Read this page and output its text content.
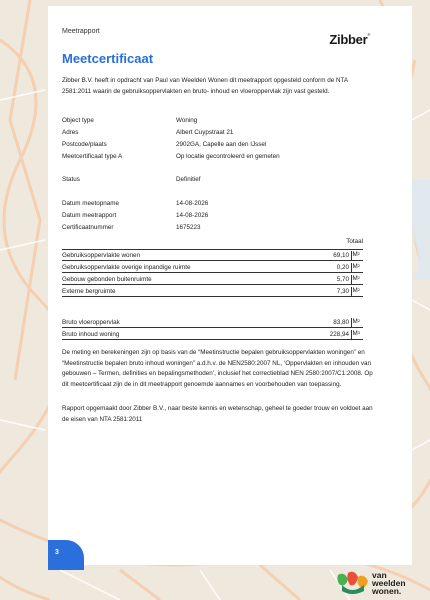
Meetrapport
Zibber®
Meetcertificaat
Zibber B.V. heeft in opdracht van Paul van Weelden Wonen dit meetrapport opgesteld conform de NTA 2581:2011 waarin de gebruiksoppervlakten en bruto- inhoud en vloeroppervlak zijn vast gesteld.
Object type	Woning
Adres	Albert Cuypstraat 21
Postcode/plaats	2902GA, Capelle aan den IJssel
Meetcertificaat type A	Op locatie gecontroleerd en gemeten
Status	Definitief
Datum meetopname	14-08-2026
Datum meetrapport	14-08-2026
Certificaatnummer	1675223
Totaal
Gebruiksoppervlakte wonen	69,10 $M^2$
Gebruiksoppervlakte overige inpandige ruimte	0,20 $M^2$
Gebouw gebonden buitenruimte	5,70 $M^2$
Externe bergruimte	7,30 $M^2$
Bruto vloeroppervlak	83,80 $M^2$
Bruto inhoud woning	228,94 $M^3$
De meting en berekeningen zijn op basis van de “Meetinstructie bepalen gebruiksoppervlakten woningen” en “Meetinstructie bepalen bruto inhoud woningen” a.d.h.v. de NEN2580:2007 NL, ‘Oppervlakten en inhouden van gebouwen – Termen, definities en bepalingsmethoden’, inclusief het correctieblad NEN 2580:2007/C1:2008. Op dit meetcertificaat zijn de in dit meetrapport genoemde aannames en voorbehouden van toepassing.
Rapport opgemaakt door Zibber B.V., naar beste kennis en wetenschap, geheel te goeder trouw en voldoet aan de eisen van NTA 2581:2011
3
van
weelden
wonen.
